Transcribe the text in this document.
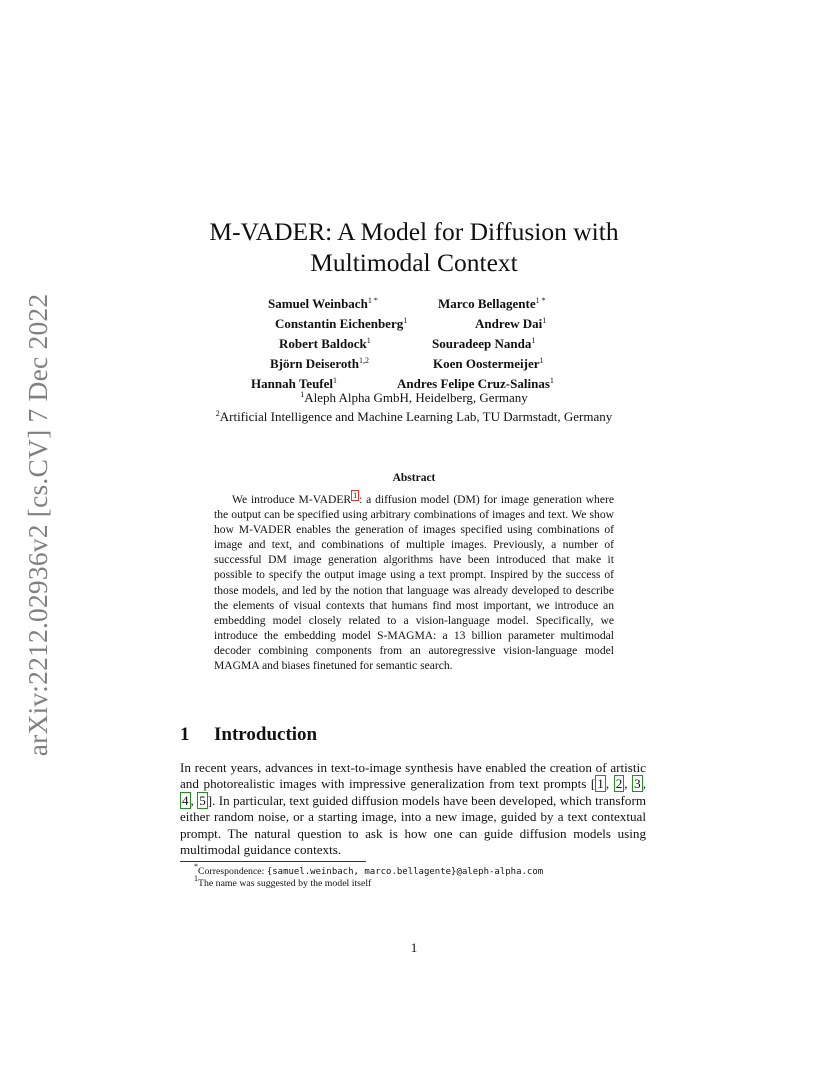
arXiv:2212.02936v2 [cs.CV] 7 Dec 2022
M-VADER: A Model for Diffusion with
Multimodal Context
Samuel Weinbach$^{1 *}$	Marco Bellagente$^{1 *}$
Constantin Eichenberg$^1$	Andrew Dai$^1$
Robert Baldock$^1$	Souradeep Nanda$^1$
Björn Deiseroth$^{1,2}$	Koen Oostermeijer$^1$
Hannah Teufel$^1$	Andres Felipe Cruz-Salinas$^1$
$^1$Aleph Alpha GmbH, Heidelberg, Germany
$^2$Artificial Intelligence and Machine Learning Lab, TU Darmstadt, Germany
Abstract

We introduce M-VADER $^1$ : a diffusion model (DM) for image generation where the output can be specified using arbitrary combinations of images and text. We show how M-VADER enables the generation of images specified using combinations of image and text, and combinations of multiple images. Previously, a number of successful DM image generation algorithms have been introduced that make it possible to specify the output image using a text prompt. Inspired by the success of those models, and led by the notion that language was already developed to describe the elements of visual contexts that humans find most important, we introduce an embedding model closely related to a vision-language model. Specifically, we introduce the embedding model S-MAGMA: a 13 billion parameter multimodal decoder combining components from an autoregressive vision-language model MAGMA and biases finetuned for semantic search.

1 Introduction

In recent years, advances in text-to-image synthesis have enabled the creation of artistic and photorealistic images with impressive generalization from text prompts [ 1 , 2 , 3 , 4 , 5 ]. In particular, text guided diffusion models have been developed, which transform either random noise, or a starting image, into a new image, guided by a text contextual prompt. The natural question to ask is how one can guide diffusion models using multimodal guidance contexts.

*Correspondence: {samuel.weinbach, marco.bellagente}@aleph-alpha.com
$^1$The name was suggested by the model itself
1
